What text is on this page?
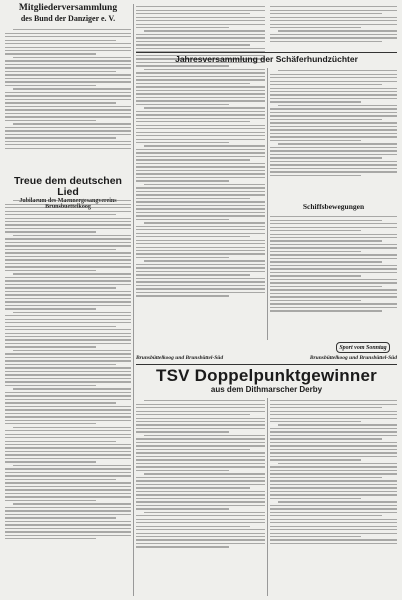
Mitgliederversammlung
des Bund der Danziger e. V.
Treue dem deutschen Lied
Jahresversammlung der Schäferhundzüchter
Schiffsbewegungen
Sport vom Sonntag
Brunsbüttelkoog und Brunsbüttel-Süd	Brunsbüttelkoog und Brunsbüttel-Süd
TSV Doppelpunktgewinner
aus dem Dithmarscher Derby
